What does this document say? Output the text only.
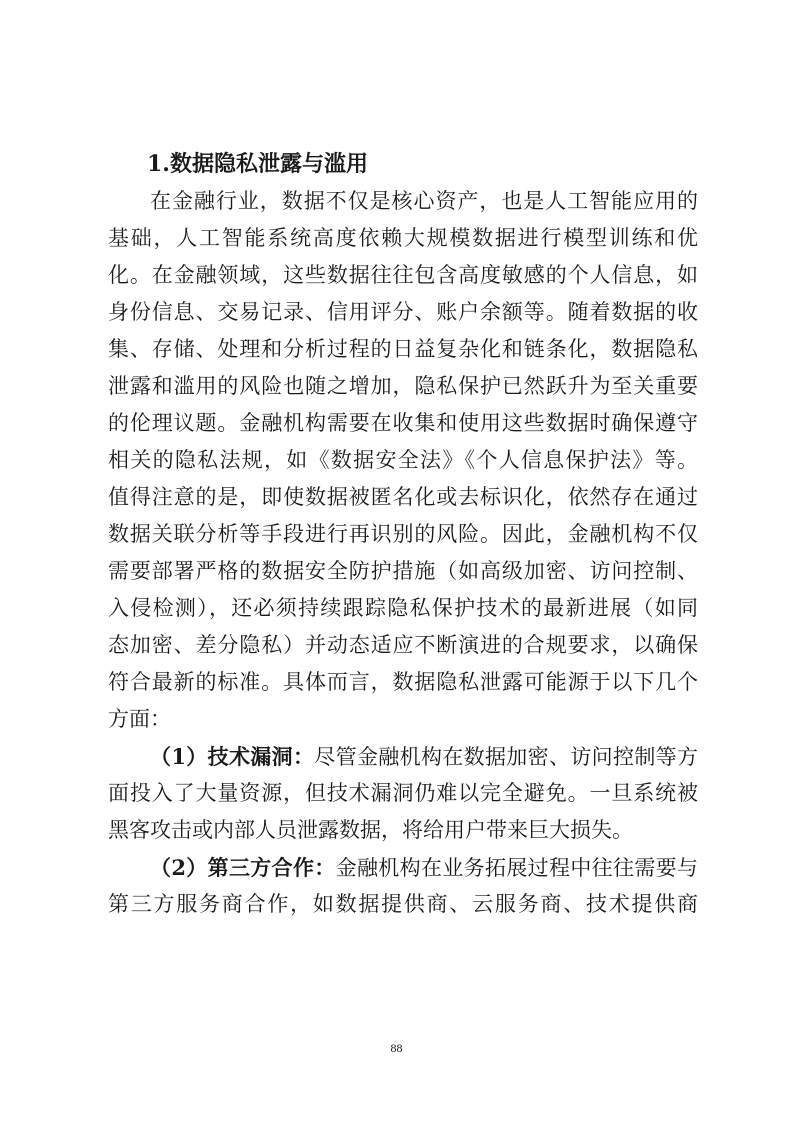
1.数据隐私泄露与滥用
在金融行业，数据不仅是核心资产，也是人工智能应用的
基础，人工智能系统高度依赖大规模数据进行模型训练和优
化。在金融领域，这些数据往往包含高度敏感的个人信息，如
身份信息、交易记录、信用评分、账户余额等。随着数据的收
集、存储、处理和分析过程的日益复杂化和链条化，数据隐私
泄露和滥用的风险也随之增加，隐私保护已然跃升为至关重要
的伦理议题。金融机构需要在收集和使用这些数据时确保遵守
相关的隐私法规，如《数据安全法》《个人信息保护法》等。
值得注意的是，即使数据被匿名化或去标识化，依然存在通过
数据关联分析等手段进行再识别的风险。因此，金融机构不仅
需要部署严格的数据安全防护措施（如高级加密、访问控制、
入侵检测），还必须持续跟踪隐私保护技术的最新进展（如同
态加密、差分隐私）并动态适应不断演进的合规要求，以确保
符合最新的标准。具体而言，数据隐私泄露可能源于以下几个
方面：
（1）技术漏洞：尽管金融机构在数据加密、访问控制等方
面投入了大量资源，但技术漏洞仍难以完全避免。一旦系统被
黑客攻击或内部人员泄露数据，将给用户带来巨大损失。
（2）第三方合作：金融机构在业务拓展过程中往往需要与
第三方服务商合作，如数据提供商、云服务商、技术提供商
88
